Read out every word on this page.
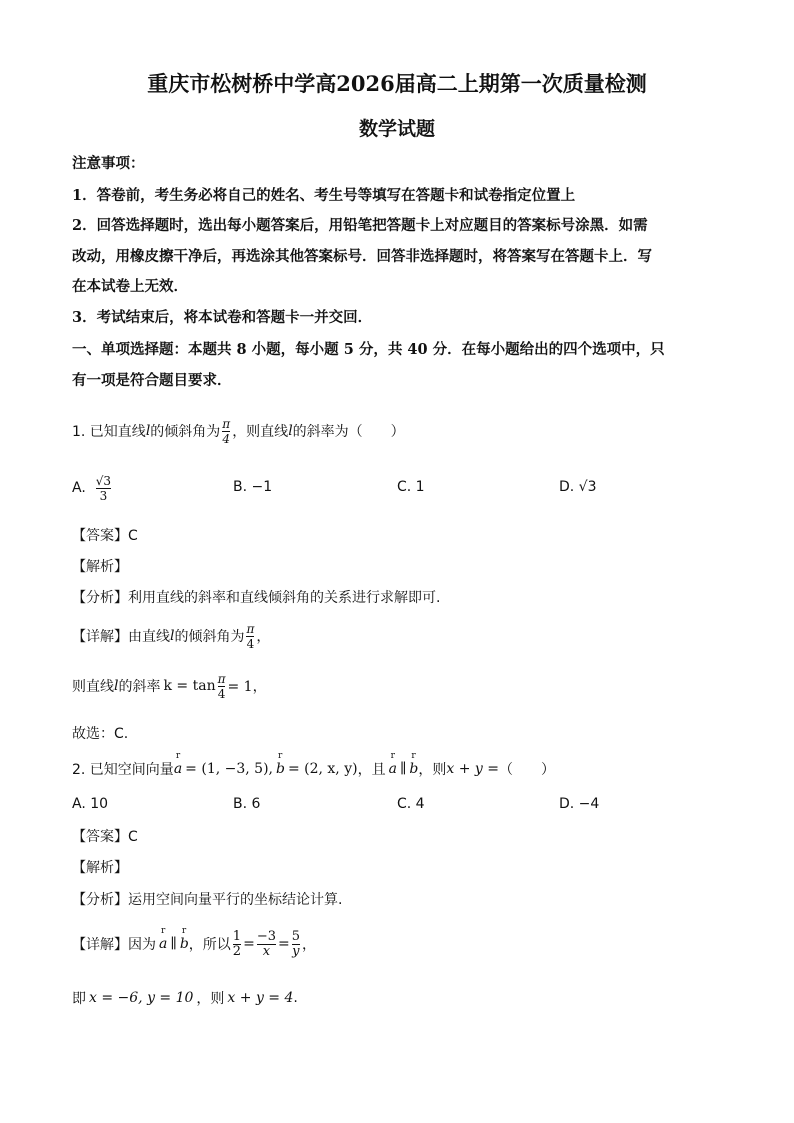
重庆市松树桥中学高2026届高二上期第一次质量检测
数学试题
注意事项：
1．答卷前，考生务必将自己的姓名、考生号等填写在答题卡和试卷指定位置上
2．回答选择题时，选出每小题答案后，用铅笔把答题卡上对应题目的答案标号涂黑．如需
改动，用橡皮擦干净后，再选涂其他答案标号．回答非选择题时，将答案写在答题卡上．写
在本试卷上无效．
3．考试结束后，将本试卷和答题卡一并交回．
一、单项选择题：本题共 8 小题，每小题 5 分，共 40 分．在每小题给出的四个选项中，只
有一项是符合题目要求．
1. 已知直线 l 的倾斜角为 $\frac{\pi}{4}$ ，则直线 l 的斜率为（　　）
A. $\frac{√3}{3}$	B. −1	C. 1	D. √3
【答案】C
【解析】
【分析】利用直线的斜率和直线倾斜角的关系进行求解即可.
【详解】 由直线 l 的倾斜角为 $\frac{\pi}{4}$ ，
则直线 l 的斜率 $k = \tan \frac{\pi}{4} = 1$，
故选：C.
2. 已知空间向量 r a = (1, −3, 5), r b = (2, x, y) ，且 r a ∥ r b ，则 x + y = （　　）
A. 10	B. 6	C. 4	D. −4
【答案】C
【解析】
【分析】运用空间向量平行的坐标结论计算.
【详解】 因为 r a ∥ r b ，所以 $\frac{1}{2} = \frac{-3}{x} = \frac{5}{y}$ ，
即 x = −6, y = 10 ，则 x + y = 4 .
